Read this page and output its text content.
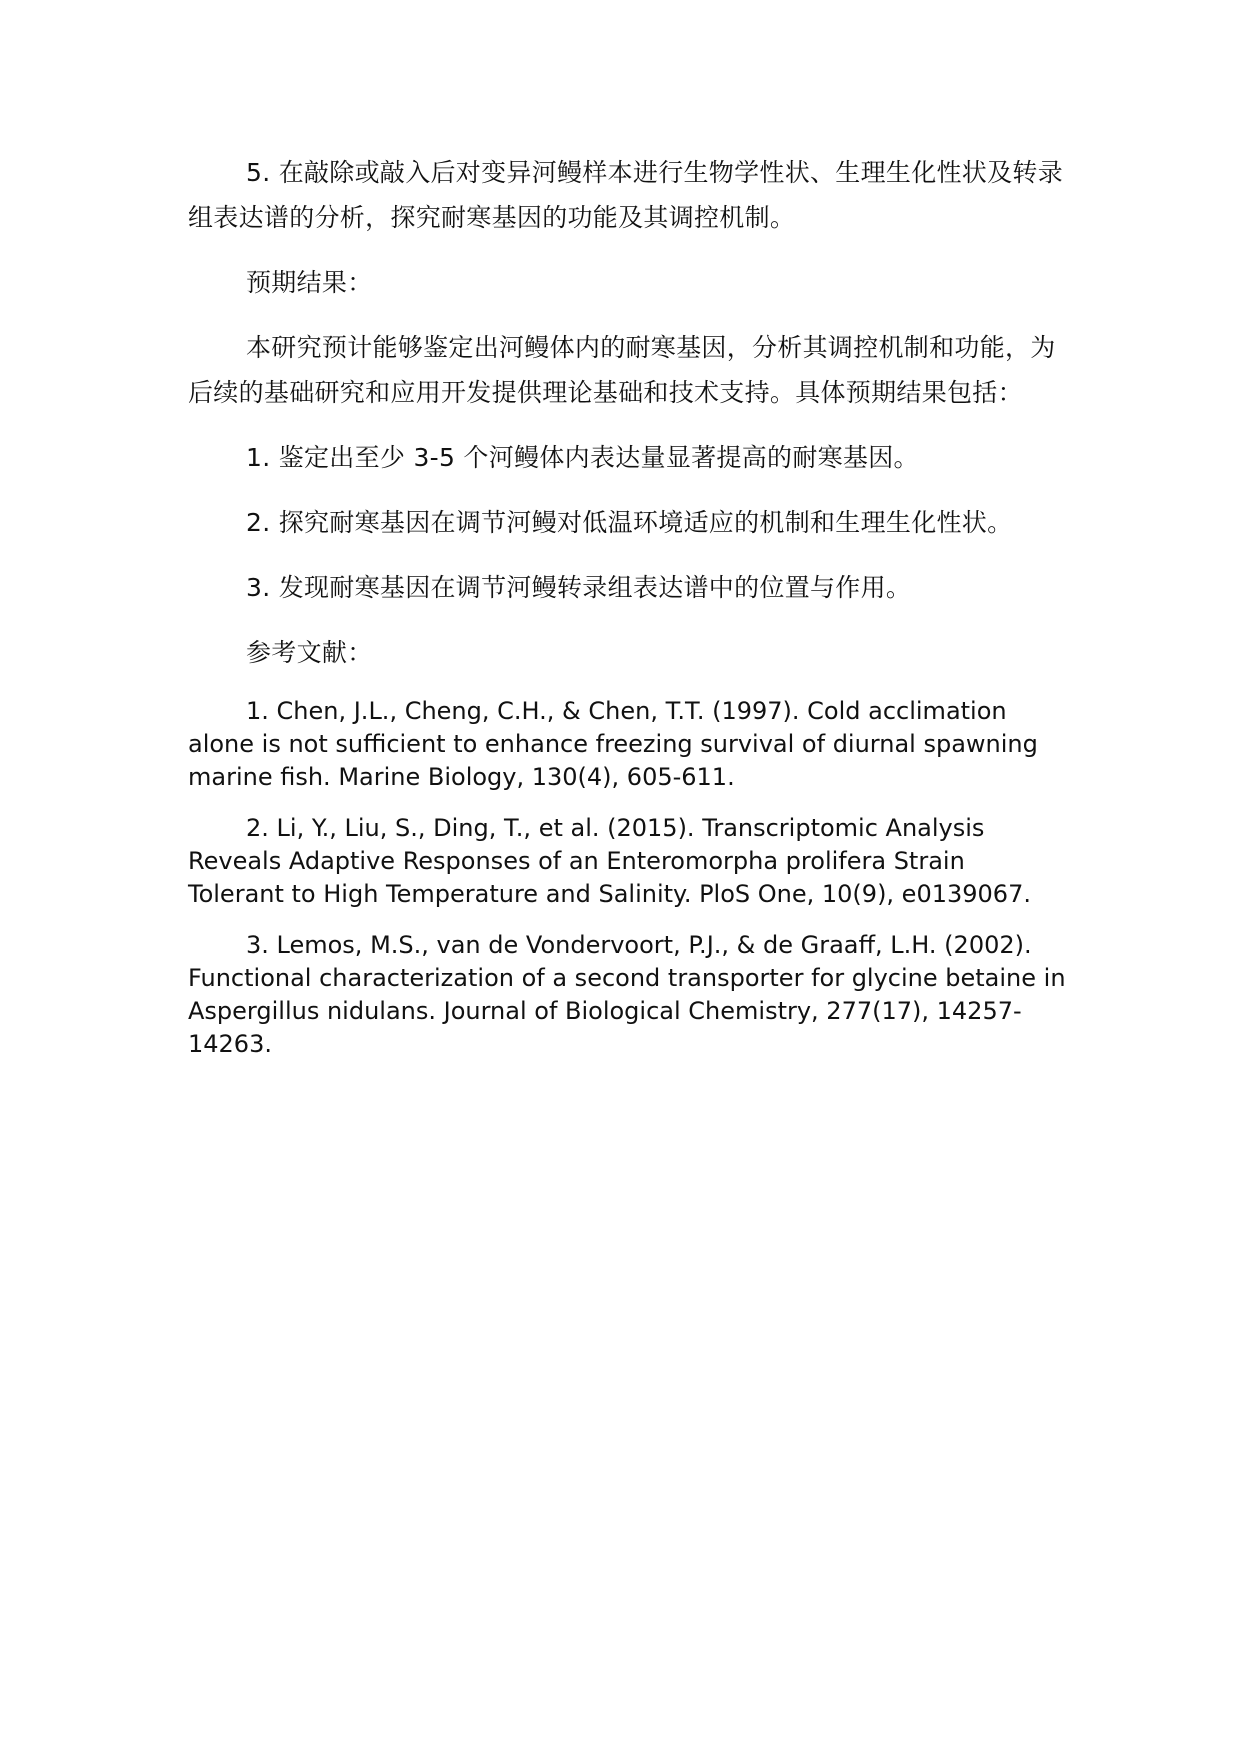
5. 在敲除或敲入后对变异河鳗样本进行生物学性状、生理生化性状及转录组表达谱的分析，探究耐寒基因的功能及其调控机制。

预期结果：

本研究预计能够鉴定出河鳗体内的耐寒基因，分析其调控机制和功能，为后续的基础研究和应用开发提供理论基础和技术支持。具体预期结果包括：

1. 鉴定出至少 3-5 个河鳗体内表达量显著提高的耐寒基因。

2. 探究耐寒基因在调节河鳗对低温环境适应的机制和生理生化性状。

3. 发现耐寒基因在调节河鳗转录组表达谱中的位置与作用。

参考文献：

1. Chen, J.L., Cheng, C.H., & Chen, T.T. (1997). Cold acclimation alone is not sufficient to enhance freezing survival of diurnal spawning marine fish. Marine Biology, 130(4), 605-611.

2. Li, Y., Liu, S., Ding, T., et al. (2015). Transcriptomic Analysis Reveals Adaptive Responses of an Enteromorpha prolifera Strain Tolerant to High Temperature and Salinity. PloS One, 10(9), e0139067.

3. Lemos, M.S., van de Vondervoort, P.J., & de Graaff, L.H. (2002). Functional characterization of a second transporter for glycine betaine in Aspergillus nidulans. Journal of Biological Chemistry, 277(17), 14257-14263.
